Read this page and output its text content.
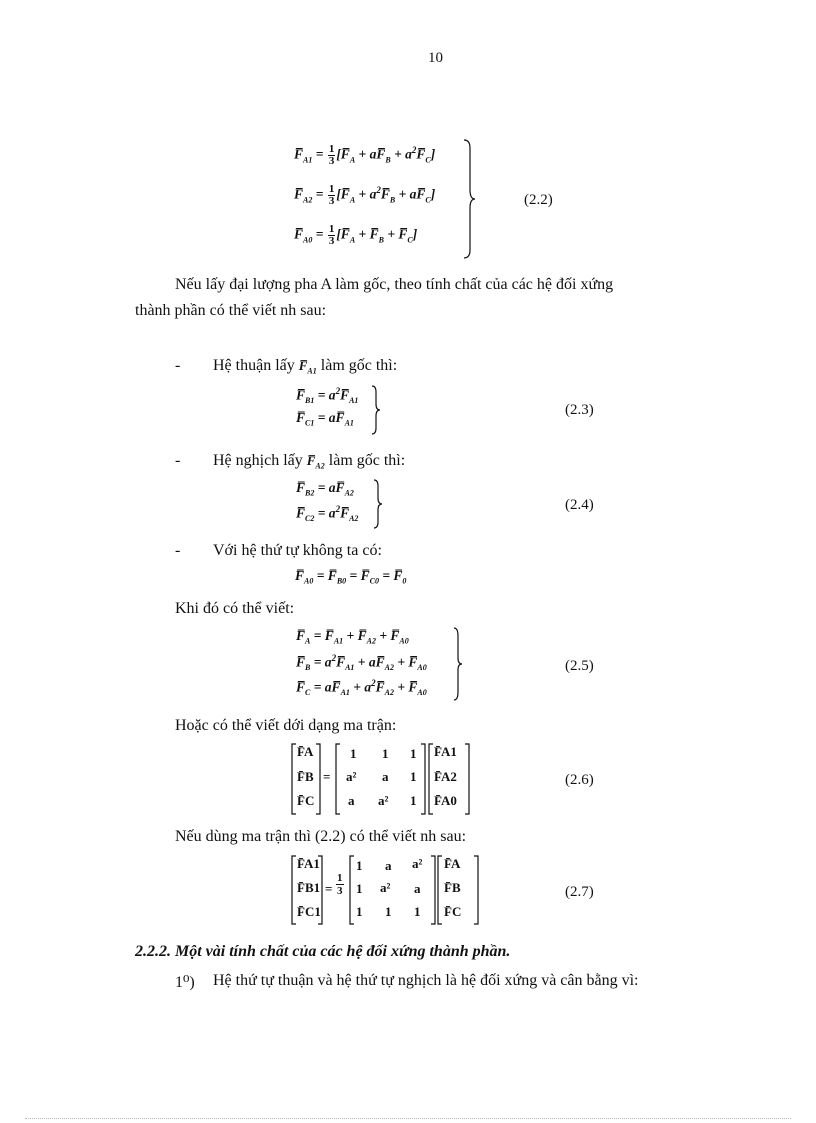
10
$F̅_{A1} = \frac{1}{3}$ [$F̅_A$ + $aF̅_B$ + $a^2F̅_C$]
$F̅_{A2} = \frac{1}{3}$ [$F̅_A$ + $a^2F̅_B$ + $aF̅_C$]
$F̅_{A0} = \frac{1}{3}$ [$F̅_A$ + $F̅_B$ + $F̅_C$]
(2.2)
Nếu lấy đại lượng pha A làm gốc, theo tính chất của các hệ đối xứng
thành phần có thể viết nh sau:
- Hệ thuận lấy $F̅_{A1}$ làm gốc thì:
$F̅_{B1}$ = $a^2F̅_{A1}$
$F̅_{C1}$ = $aF̅_{A1}$
(2.3)
- Hệ nghịch lấy $F̅_{A2}$ làm gốc thì:
$F̅_{B2}$ = $aF̅_{A2}$
$F̅_{C2}$ = $a^2F̅_{A2}$
(2.4)
- Với hệ thứ tự không ta có:
$F̅_{A0}$ = $F̅_{B0}$ = $F̅_{C0}$ = $F̅_0$
Khi đó có thể viết:
$F̅_A$ = $F̅_{A1}$ + $F̅_{A2}$ + $F̅_{A0}$
$F̅_B$ = $a^2F̅_{A1}$ + $aF̅_{A2}$ + $F̅_{A0}$
$F̅_C$ = $aF̅_{A1}$ + $a^2F̅_{A2}$ + $F̅_{A0}$
(2.5)
Hoặc có thể viết dới dạng ma trận:
F̄A
F̄B
F̄C
=
1 1 1
a² a 1
a a² 1
F̄A1
F̄A2
F̄A0
(2.6)
Nếu dùng ma trận thì (2.2) có thể viết nh sau:
F̄A1
F̄B1
F̄C1
=
1
3
1 a a²
1 a² a
1 1 1
F̄A
F̄B
F̄C
(2.7)
2.2.2. Một vài tính chất của các hệ đối xứng thành phần.
1⁰) Hệ thứ tự thuận và hệ thứ tự nghịch là hệ đối xứng và cân bằng vì:
